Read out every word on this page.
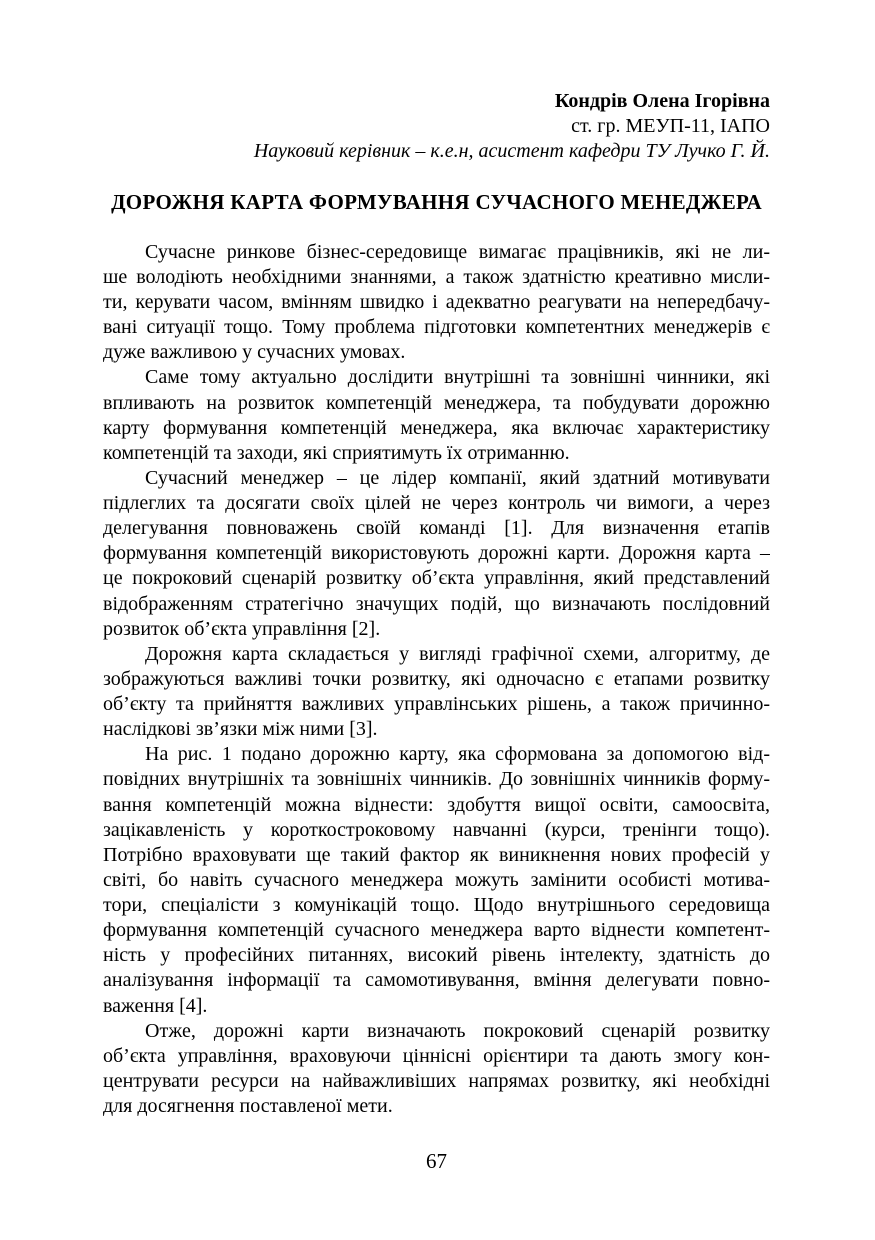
Кондрів Олена Ігорівна
ст. гр. МЕУП-11, ІАПО
Науковий керівник – к.е.н, асистент кафедри ТУ Лучко Г. Й.
ДОРОЖНЯ КАРТА ФОРМУВАННЯ СУЧАСНОГО МЕНЕДЖЕРА
Сучасне ринкове бізнес-середовище вимагає працівників, які не ли-
ше володіють необхідними знаннями, а також здатністю креативно мисли-
ти, керувати часом, вмінням швидко і адекватно реагувати на непередбачу-
вані ситуації тощо. Тому проблема підготовки компетентних менеджерів є
дуже важливою у сучасних умовах.
Саме тому актуально дослідити внутрішні та зовнішні чинники, які
впливають на розвиток компетенцій менеджера, та побудувати дорожню
карту формування компетенцій менеджера, яка включає характеристику
компетенцій та заходи, які сприятимуть їх отриманню.
Сучасний менеджер – це лідер компанії, який здатний мотивувати
підлеглих та досягати своїх цілей не через контроль чи вимоги, а через
делегування повноважень своїй команді [1]. Для визначення етапів
формування компетенцій використовують дорожні карти. Дорожня карта –
це покроковий сценарій розвитку об’єкта управління, який представлений
відображенням стратегічно значущих подій, що визначають послідовний
розвиток об’єкта управління [2].
Дорожня карта складається у вигляді графічної схеми, алгоритму, де
зображуються важливі точки розвитку, які одночасно є етапами розвитку
об’єкту та прийняття важливих управлінських рішень, а також причинно-
наслідкові зв’язки між ними [3].
На рис. 1 подано дорожню карту, яка сформована за допомогою від-
повідних внутрішніх та зовнішніх чинників. До зовнішніх чинників форму-
вання компетенцій можна віднести: здобуття вищої освіти, самоосвіта,
зацікавленість у короткостроковому навчанні (курси, тренінги тощо).
Потрібно враховувати ще такий фактор як виникнення нових професій у
світі, бо навіть сучасного менеджера можуть замінити особисті мотива-
тори, спеціалісти з комунікацій тощо. Щодо внутрішнього середовища
формування компетенцій сучасного менеджера варто віднести компетент-
ність у професійних питаннях, високий рівень інтелекту, здатність до
аналізування інформації та самомотивування, вміння делегувати повно-
важення [4].
Отже, дорожні карти визначають покроковий сценарій розвитку
об’єкта управління, враховуючи ціннісні орієнтири та дають змогу кон-
центрувати ресурси на найважливіших напрямах розвитку, які необхідні
для досягнення поставленої мети.
67
